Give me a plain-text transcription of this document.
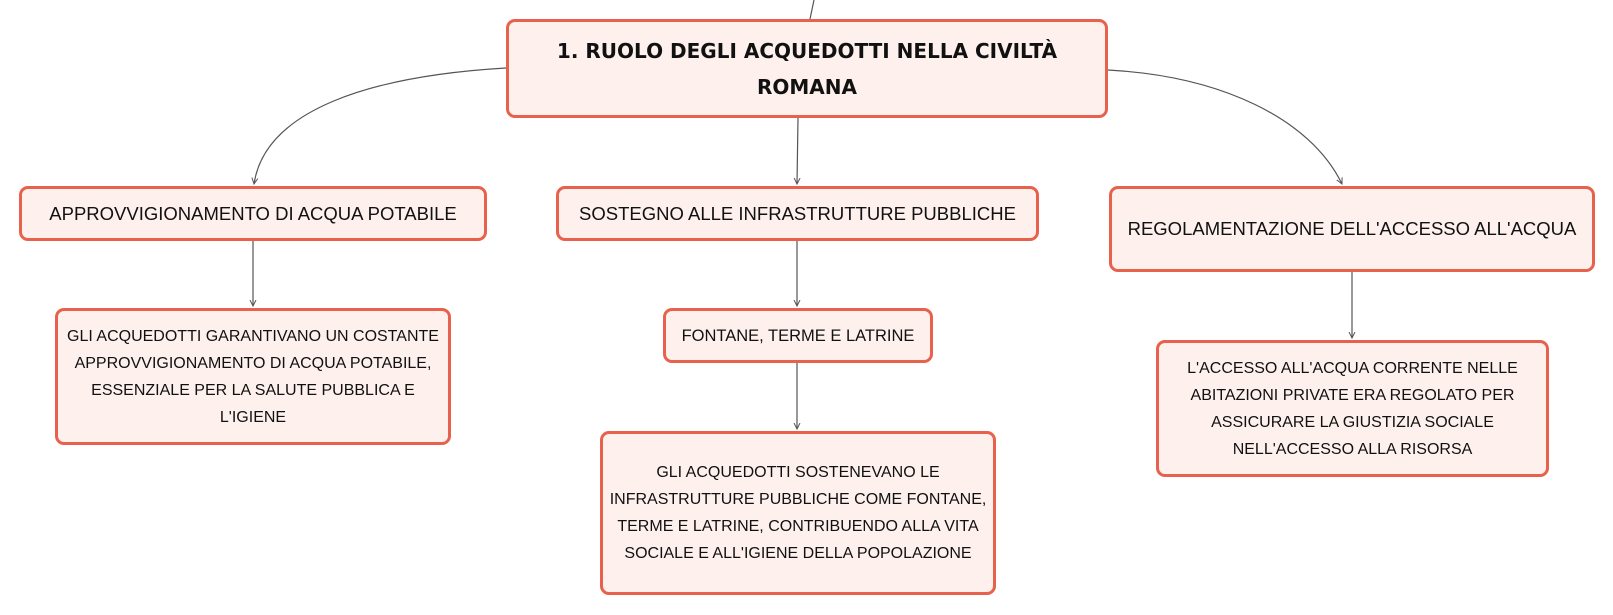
1. RUOLO DEGLI ACQUEDOTTI NELLA CIVILTÀ ROMANA
APPROVVIGIONAMENTO DI ACQUA POTABILE	SOSTEGNO ALLE INFRASTRUTTURE PUBBLICHE
REGOLAMENTAZIONE DELL'ACCESSO ALL'ACQUA
GLI ACQUEDOTTI GARANTIVANO UN COSTANTE APPROVVIGIONAMENTO DI ACQUA POTABILE, ESSENZIALE PER LA SALUTE PUBBLICA E L'IGIENE
FONTANE, TERME E LATRINE
GLI ACQUEDOTTI SOSTENEVANO LE INFRASTRUTTURE PUBBLICHE COME FONTANE, TERME E LATRINE, CONTRIBUENDO ALLA VITA SOCIALE E ALL'IGIENE DELLA POPOLAZIONE
L'ACCESSO ALL'ACQUA CORRENTE NELLE ABITAZIONI PRIVATE ERA REGOLATO PER ASSICURARE LA GIUSTIZIA SOCIALE NELL'ACCESSO ALLA RISORSA
